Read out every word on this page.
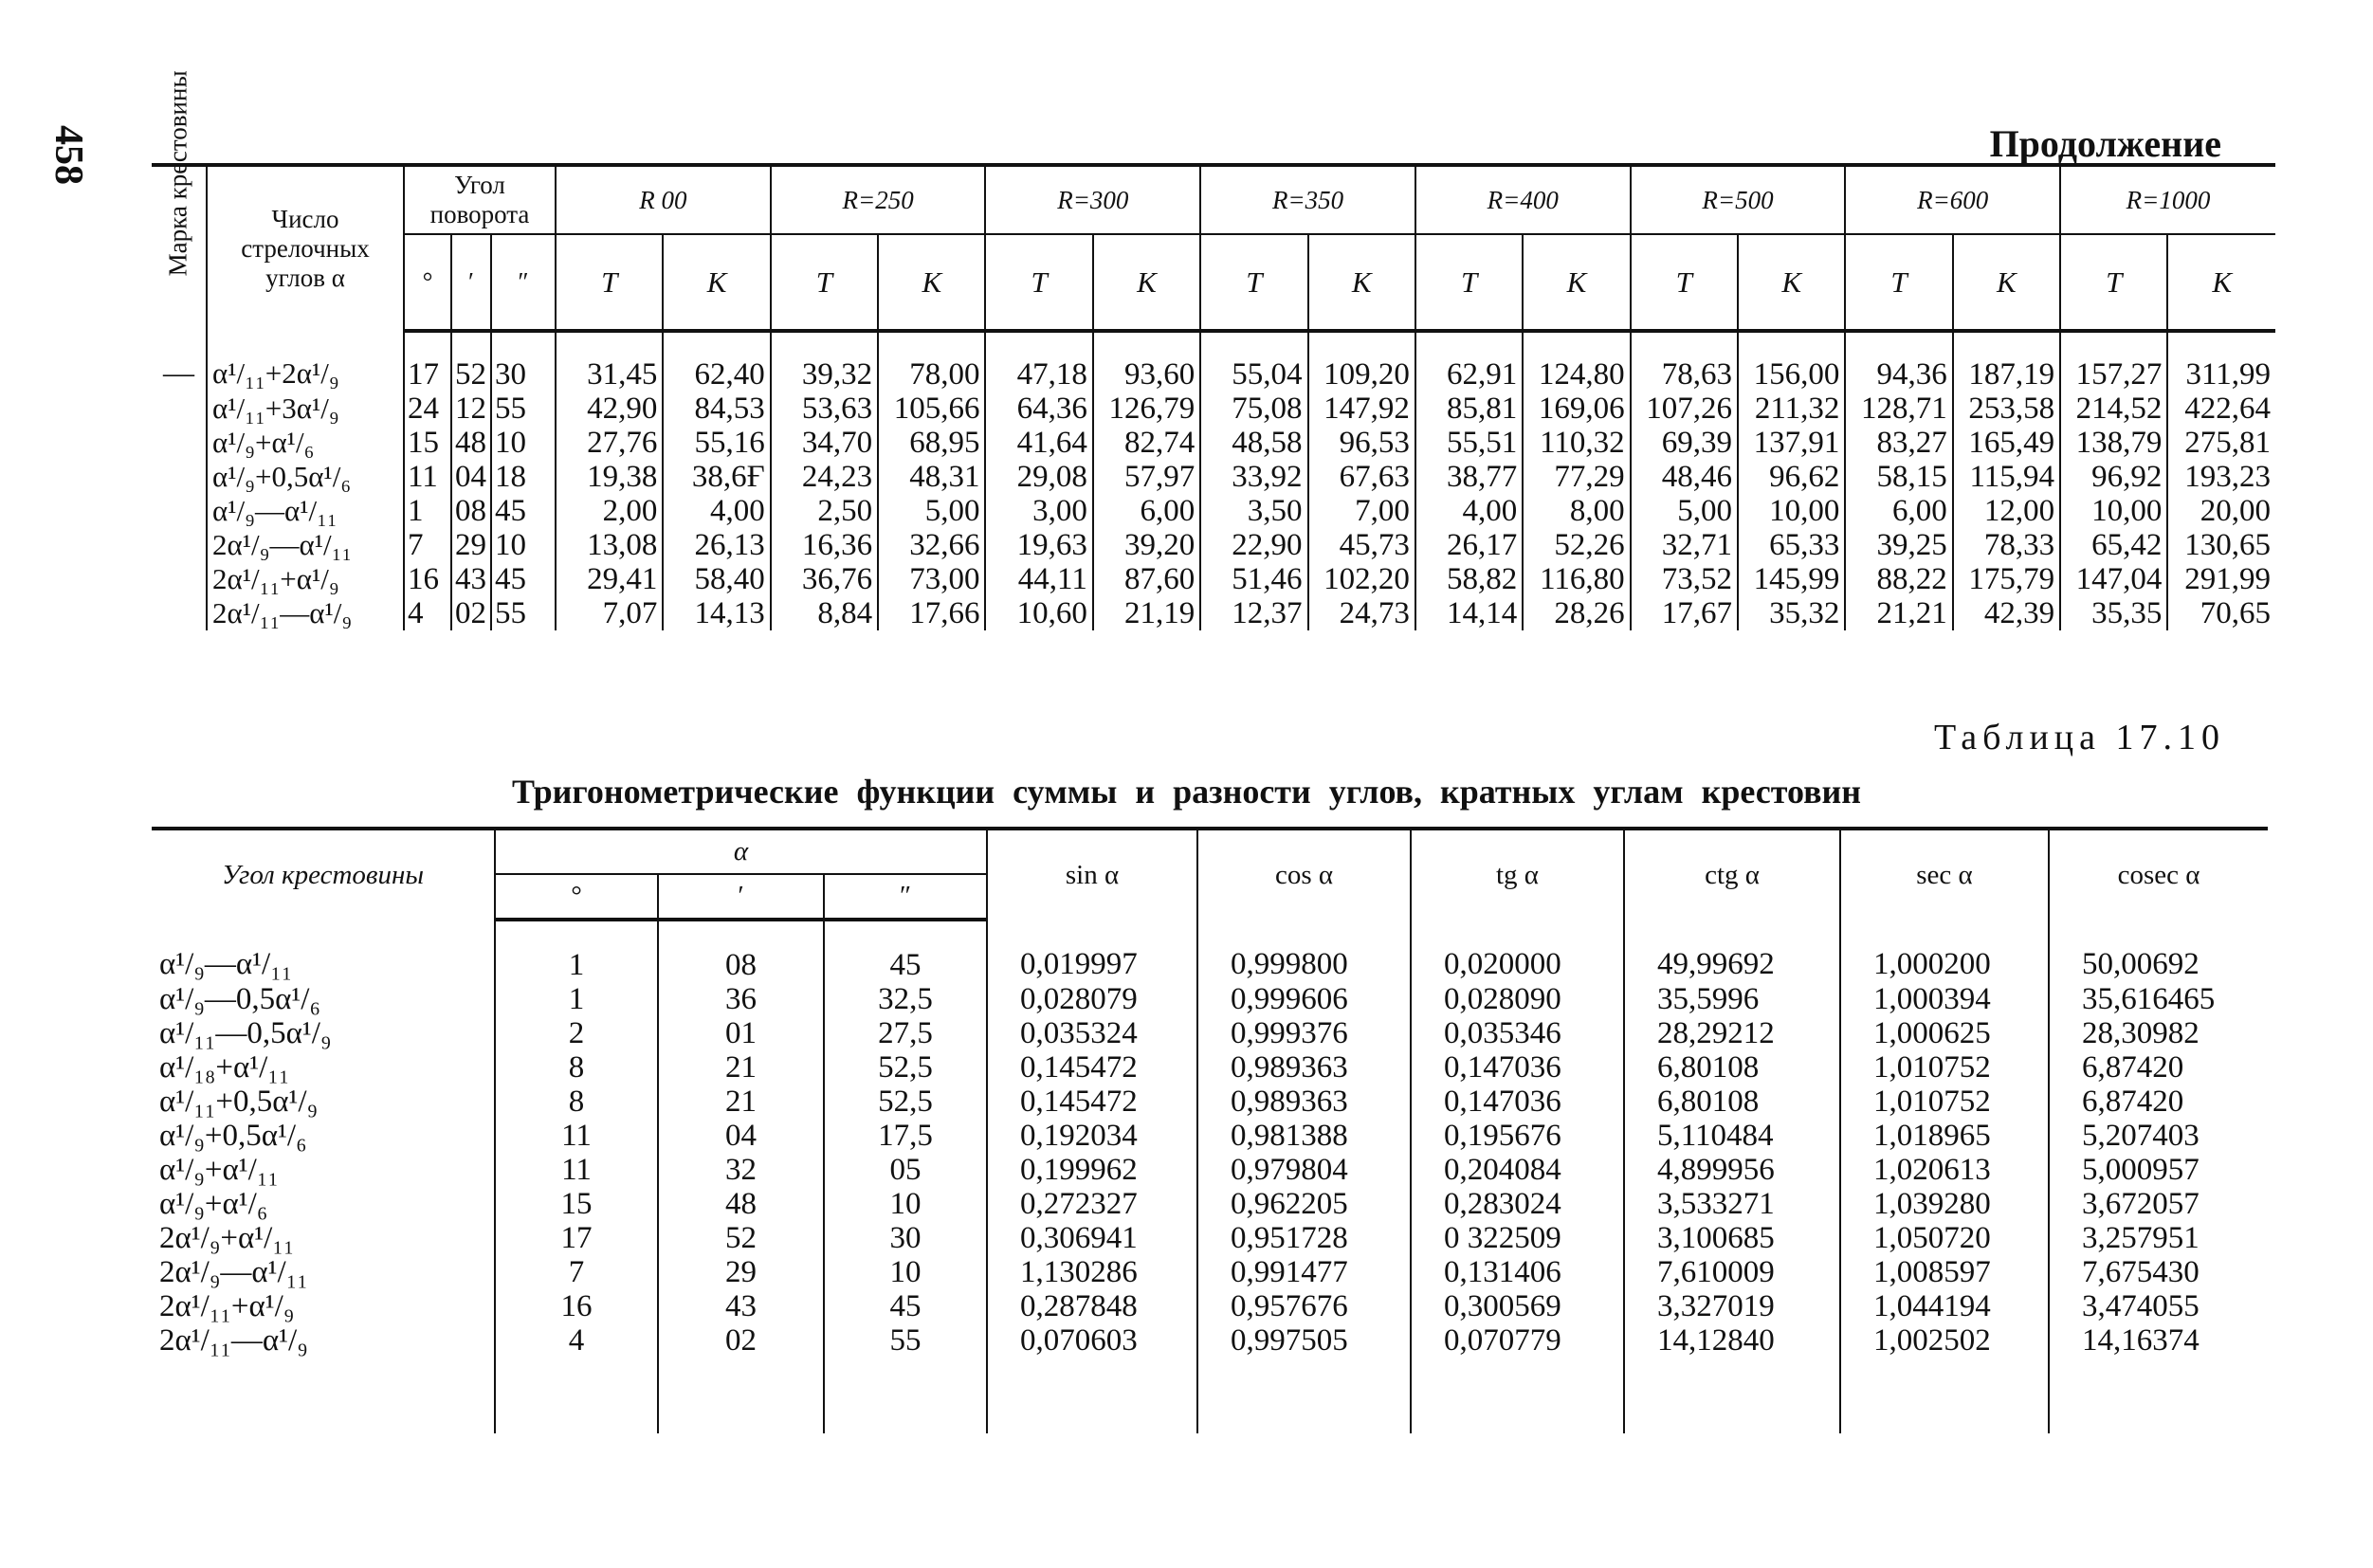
458	Продолжение
Марка крестовины	Число стрелочных углов α	Угол поворота			R 00		R=250		R=300		R=350		R=400		R=500		R=600		R=1000	
		°	′	″	T	K	T	K	T	K	T	K	T	K	T	K	T	K	T	K
—	α¹/₁₁+2α¹/₉	17	52	30	31,45	62,40	39,32	78,00	47,18	93,60	55,04	109,20	62,91	124,80	78,63	156,00	94,36	187,19	157,27	311,99
	α¹/₁₁+3α¹/₉	24	12	55	42,90	84,53	53,63	105,66	64,36	126,79	75,08	147,92	85,81	169,06	107,26	211,32	128,71	253,58	214,52	422,64
	α¹/₉+α¹/₆	15	48	10	27,76	55,16	34,70	68,95	41,64	82,74	48,58	96,53	55,51	110,32	69,39	137,91	83,27	165,49	138,79	275,81
	α¹/₉+0,5α¹/₆	11	04	18	19,38	38,6Ғ	24,23	48,31	29,08	57,97	33,92	67,63	38,77	77,29	48,46	96,62	58,15	115,94	96,92	193,23
	α¹/₉—α¹/₁₁	1	08	45	2,00	4,00	2,50	5,00	3,00	6,00	3,50	7,00	4,00	8,00	5,00	10,00	6,00	12,00	10,00	20,00
	2α¹/₉—α¹/₁₁	7	29	10	13,08	26,13	16,36	32,66	19,63	39,20	22,90	45,73	26,17	52,26	32,71	65,33	39,25	78,33	65,42	130,65
	2α¹/₁₁+α¹/₉	16	43	45	29,41	58,40	36,76	73,00	44,11	87,60	51,46	102,20	58,82	116,80	73,52	145,99	88,22	175,79	147,04	291,99
	2α¹/₁₁—α¹/₉	4	02	55	7,07	14,13	8,84	17,66	10,60	21,19	12,37	24,73	14,14	28,26	17,67	35,32	21,21	42,39	35,35	70,65
Таблица 17.10
Тригонометрические функции суммы и разности углов, кратных углам крестовин
Угол крестовины	α			sin α	cos α	tg α	ctg α	sec α	cosec α
	°	′	″						
α¹/₉—α¹/₁₁	1	08	45	0,019997	0,999800	0,020000	49,99692	1,000200	50,00692
α¹/₉—0,5α¹/₆	1	36	32,5	0,028079	0,999606	0,028090	35,5996	1,000394	35,616465
α¹/₁₁—0,5α¹/₉	2	01	27,5	0,035324	0,999376	0,035346	28,29212	1,000625	28,30982
α¹/₁₈+α¹/₁₁	8	21	52,5	0,145472	0,989363	0,147036	6,80108	1,010752	6,87420
α¹/₁₁+0,5α¹/₉	8	21	52,5	0,145472	0,989363	0,147036	6,80108	1,010752	6,87420
α¹/₉+0,5α¹/₆	11	04	17,5	0,192034	0,981388	0,195676	5,110484	1,018965	5,207403
α¹/₉+α¹/₁₁	11	32	05	0,199962	0,979804	0,204084	4,899956	1,020613	5,000957
α¹/₉+α¹/₆	15	48	10	0,272327	0,962205	0,283024	3,533271	1,039280	3,672057
2α¹/₉+α¹/₁₁	17	52	30	0,306941	0,951728	0 322509	3,100685	1,050720	3,257951
2α¹/₉—α¹/₁₁	7	29	10	1,130286	0,991477	0,131406	7,610009	1,008597	7,675430
2α¹/₁₁+α¹/₉	16	43	45	0,287848	0,957676	0,300569	3,327019	1,044194	3,474055
2α¹/₁₁—α¹/₉	4	02	55	0,070603	0,997505	0,070779	14,12840	1,002502	14,16374
